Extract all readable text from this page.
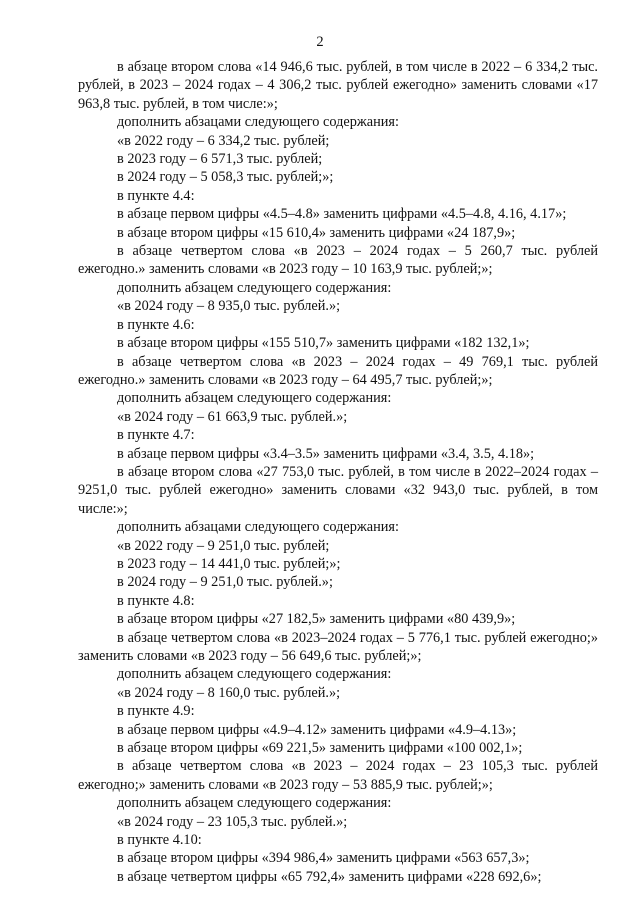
2

в абзаце втором слова «14 946,6 тыс. рублей, в том числе в 2022 – 6 334,2 тыс. рублей, в 2023 – 2024 годах – 4 306,2 тыс. рублей ежегодно» заменить словами «17 963,8 тыс. рублей, в том числе:»;

дополнить абзацами следующего содержания:

«в 2022 году – 6 334,2 тыс. рублей;

в 2023 году – 6 571,3 тыс. рублей;

в 2024 году – 5 058,3 тыс. рублей;»;

в пункте 4.4:

в абзаце первом цифры «4.5–4.8» заменить цифрами «4.5–4.8, 4.16, 4.17»;

в абзаце втором цифры «15 610,4» заменить цифрами «24 187,9»;

в абзаце четвертом слова «в 2023 – 2024 годах – 5 260,7 тыс. рублей ежегодно.» заменить словами «в 2023 году – 10 163,9 тыс. рублей;»;

дополнить абзацем следующего содержания:

«в 2024 году – 8 935,0 тыс. рублей.»;

в пункте 4.6:

в абзаце втором цифры «155 510,7» заменить цифрами «182 132,1»;

в абзаце четвертом слова «в 2023 – 2024 годах – 49 769,1 тыс. рублей ежегодно.» заменить словами «в 2023 году – 64 495,7 тыс. рублей;»;

дополнить абзацем следующего содержания:

«в 2024 году – 61 663,9 тыс. рублей.»;

в пункте 4.7:

в абзаце первом цифры «3.4–3.5» заменить цифрами «3.4, 3.5, 4.18»;

в абзаце втором слова «27 753,0 тыс. рублей, в том числе в 2022–2024 годах – 9251,0 тыс. рублей ежегодно» заменить словами «32 943,0 тыс. рублей, в том числе:»;

дополнить абзацами следующего содержания:

«в 2022 году – 9 251,0 тыс. рублей;

в 2023 году – 14 441,0 тыс. рублей;»;

в 2024 году – 9 251,0 тыс. рублей.»;

в пункте 4.8:

в абзаце втором цифры «27 182,5» заменить цифрами «80 439,9»;

в абзаце четвертом слова «в 2023–2024 годах – 5 776,1 тыс. рублей ежегодно;» заменить словами «в 2023 году – 56 649,6 тыс. рублей;»;

дополнить абзацем следующего содержания:

«в 2024 году – 8 160,0 тыс. рублей.»;

в пункте 4.9:

в абзаце первом цифры «4.9–4.12» заменить цифрами «4.9–4.13»;

в абзаце втором цифры «69 221,5» заменить цифрами «100 002,1»;

в абзаце четвертом слова «в 2023 – 2024 годах – 23 105,3 тыс. рублей ежегодно;» заменить словами «в 2023 году – 53 885,9 тыс. рублей;»;

дополнить абзацем следующего содержания:

«в 2024 году – 23 105,3 тыс. рублей.»;

в пункте 4.10:

в абзаце втором цифры «394 986,4» заменить цифрами «563 657,3»;

в абзаце четвертом цифры «65 792,4» заменить цифрами «228 692,6»;
